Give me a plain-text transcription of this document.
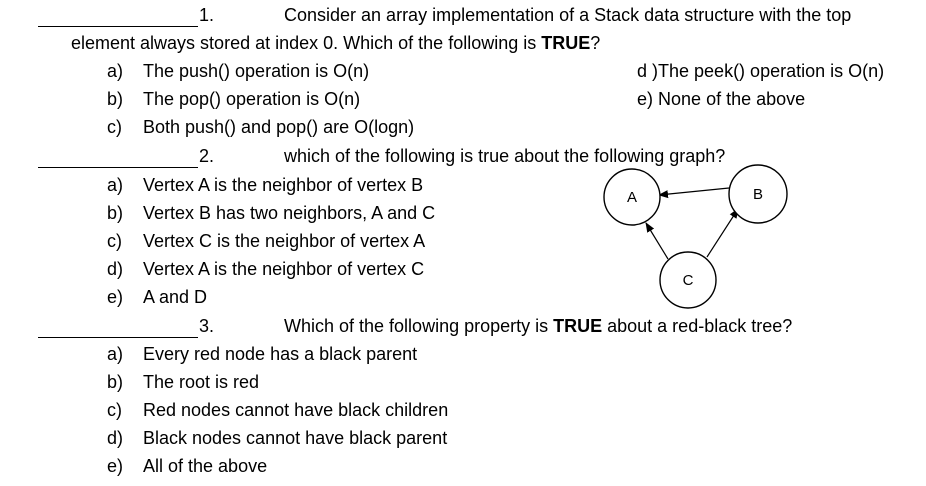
1.	Consider an array implementation of a Stack data structure with the top
element always stored at index 0. Which of the following is TRUE?
a) The push() operation is O(n)
b) The pop() operation is O(n)
c) Both push() and pop() are O(logn)
d )The peek() operation is O(n)
e) None of the above
2.	which of the following is true about the following graph?
a) Vertex A is the neighbor of vertex B
b) Vertex B has two neighbors, A and C
c) Vertex C is the neighbor of vertex A
d) Vertex A is the neighbor of vertex C
e) A and D
A	B
C
3.	Which of the following property is TRUE about a red-black tree?
a) Every red node has a black parent
b) The root is red
c) Red nodes cannot have black children
d) Black nodes cannot have black parent
e) All of the above
